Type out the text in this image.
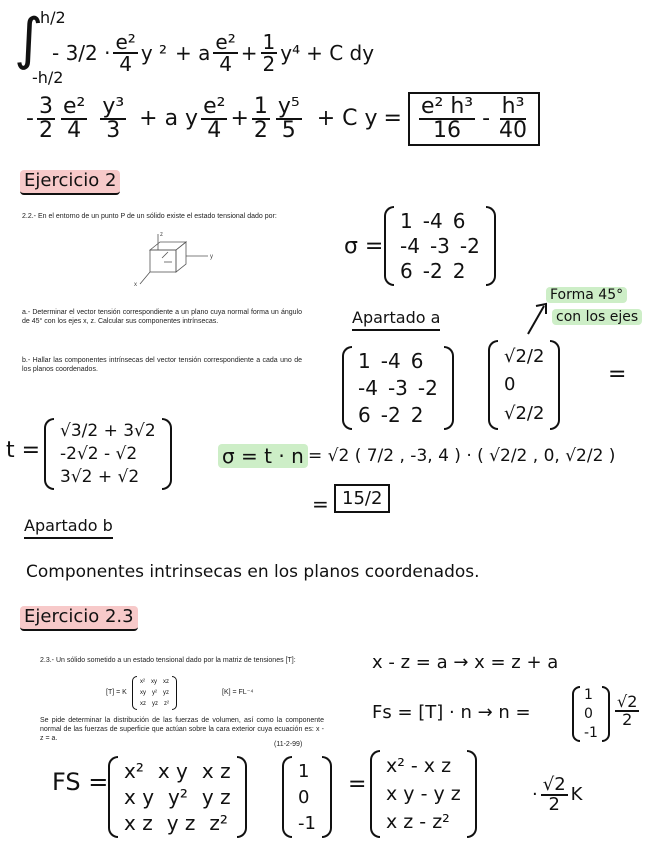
∫
h/2
-h/2
- $3/2 \cdot \frac{\text{e²}}{4}$ y ² + a $\frac{\text{e²}}{4} + \frac{1}{2} y^4 + C$ dy
- $\frac{3}{2} \frac{\text{e²}}{4} \frac{\text{y³}}{3} + a$ y $\frac{\text{e²}}{4} + \frac{1}{2} \frac{\text{y⁵}}{5} + C$ $y = \frac{\text{e² h³}}{16} - \frac{\text{h³}}{40}$
Ejercicio 2
2.2.- En el entorno de un punto P de un sólido existe el estado tensional dado por:
z
y
x
a.- Determinar el vector tensión correspondiente a un plano cuya normal forma un ángulo de 45° con los ejes x, z. Calcular sus componentes intrínsecas.
b.- Hallar las componentes intrínsecas del vector tensión correspondiente a cada uno de los planos coordenados.
σ =
1 -4 6
-4 -3 -2
6 -2 2
Forma 45°
con los ejes
Apartado a
1 -4 6
-4 -3 -2
6 -2 2
√2/2
0
√2/2
=
t =
√3/2 + 3√2
-2√2 - √2
3√2 + √2
σ = t · n = √2 ( 7/2 , -3, 4 ) · ( √2/2 , 0, √2/2 )
= 15/2
Apartado b
Componentes intrinsecas en los planos coordenados.
Ejercicio 2.3
2.3.- Un sólido sometido a un estado tensional dado por la matriz de tensiones [T]:
[T] = K
x² xy xz
xy y² yz
xz yz z²
[K] = FL⁻⁴
Se pide determinar la distribución de las fuerzas de volumen, así como la componente normal de las fuerzas de superficie que actúan sobre la cara exterior cuya ecuación es: x - z = a.
(11-2-99)
x - z = a → x = z + a
Fs = [T] · n → n =
1
0
-1
$\frac{√2}{2}$
FS = x² x y x z
x y y² y z
x z y z z²
1
0
-1
=
x² - x z
x y - y z
x z - z²
· $\frac{√2}{2}$ K
